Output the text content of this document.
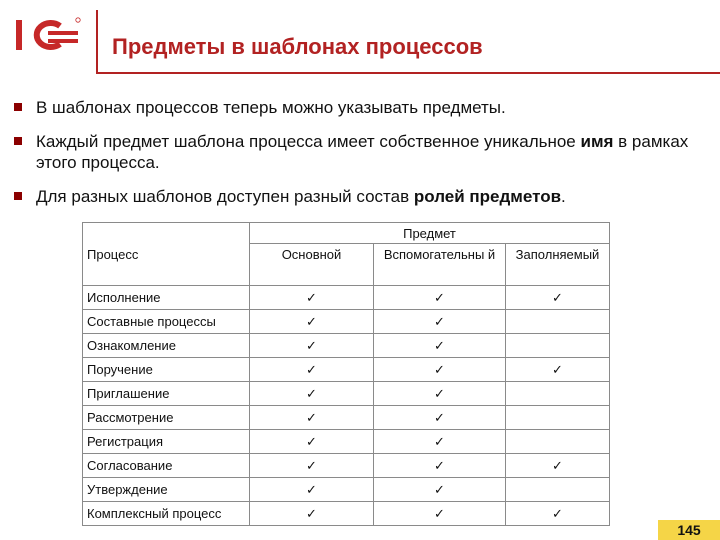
Предметы в шаблонах процессов
В шаблонах процессов теперь можно указывать предметы.
Каждый предмет шаблона процесса имеет собственное уникальное имя в рамках этого процесса.
Для разных шаблонов доступен разный состав ролей предметов.
Процесс	Предмет		
	Основной	Вспомогательны й	Заполняемый
Исполнение	✓	✓	✓
Составные процессы	✓	✓	
Ознакомление	✓	✓	
Поручение	✓	✓	✓
Приглашение	✓	✓	
Рассмотрение	✓	✓	
Регистрация	✓	✓	
Согласование	✓	✓	✓
Утверждение	✓	✓	
Комплексный процесс	✓	✓	✓
145
